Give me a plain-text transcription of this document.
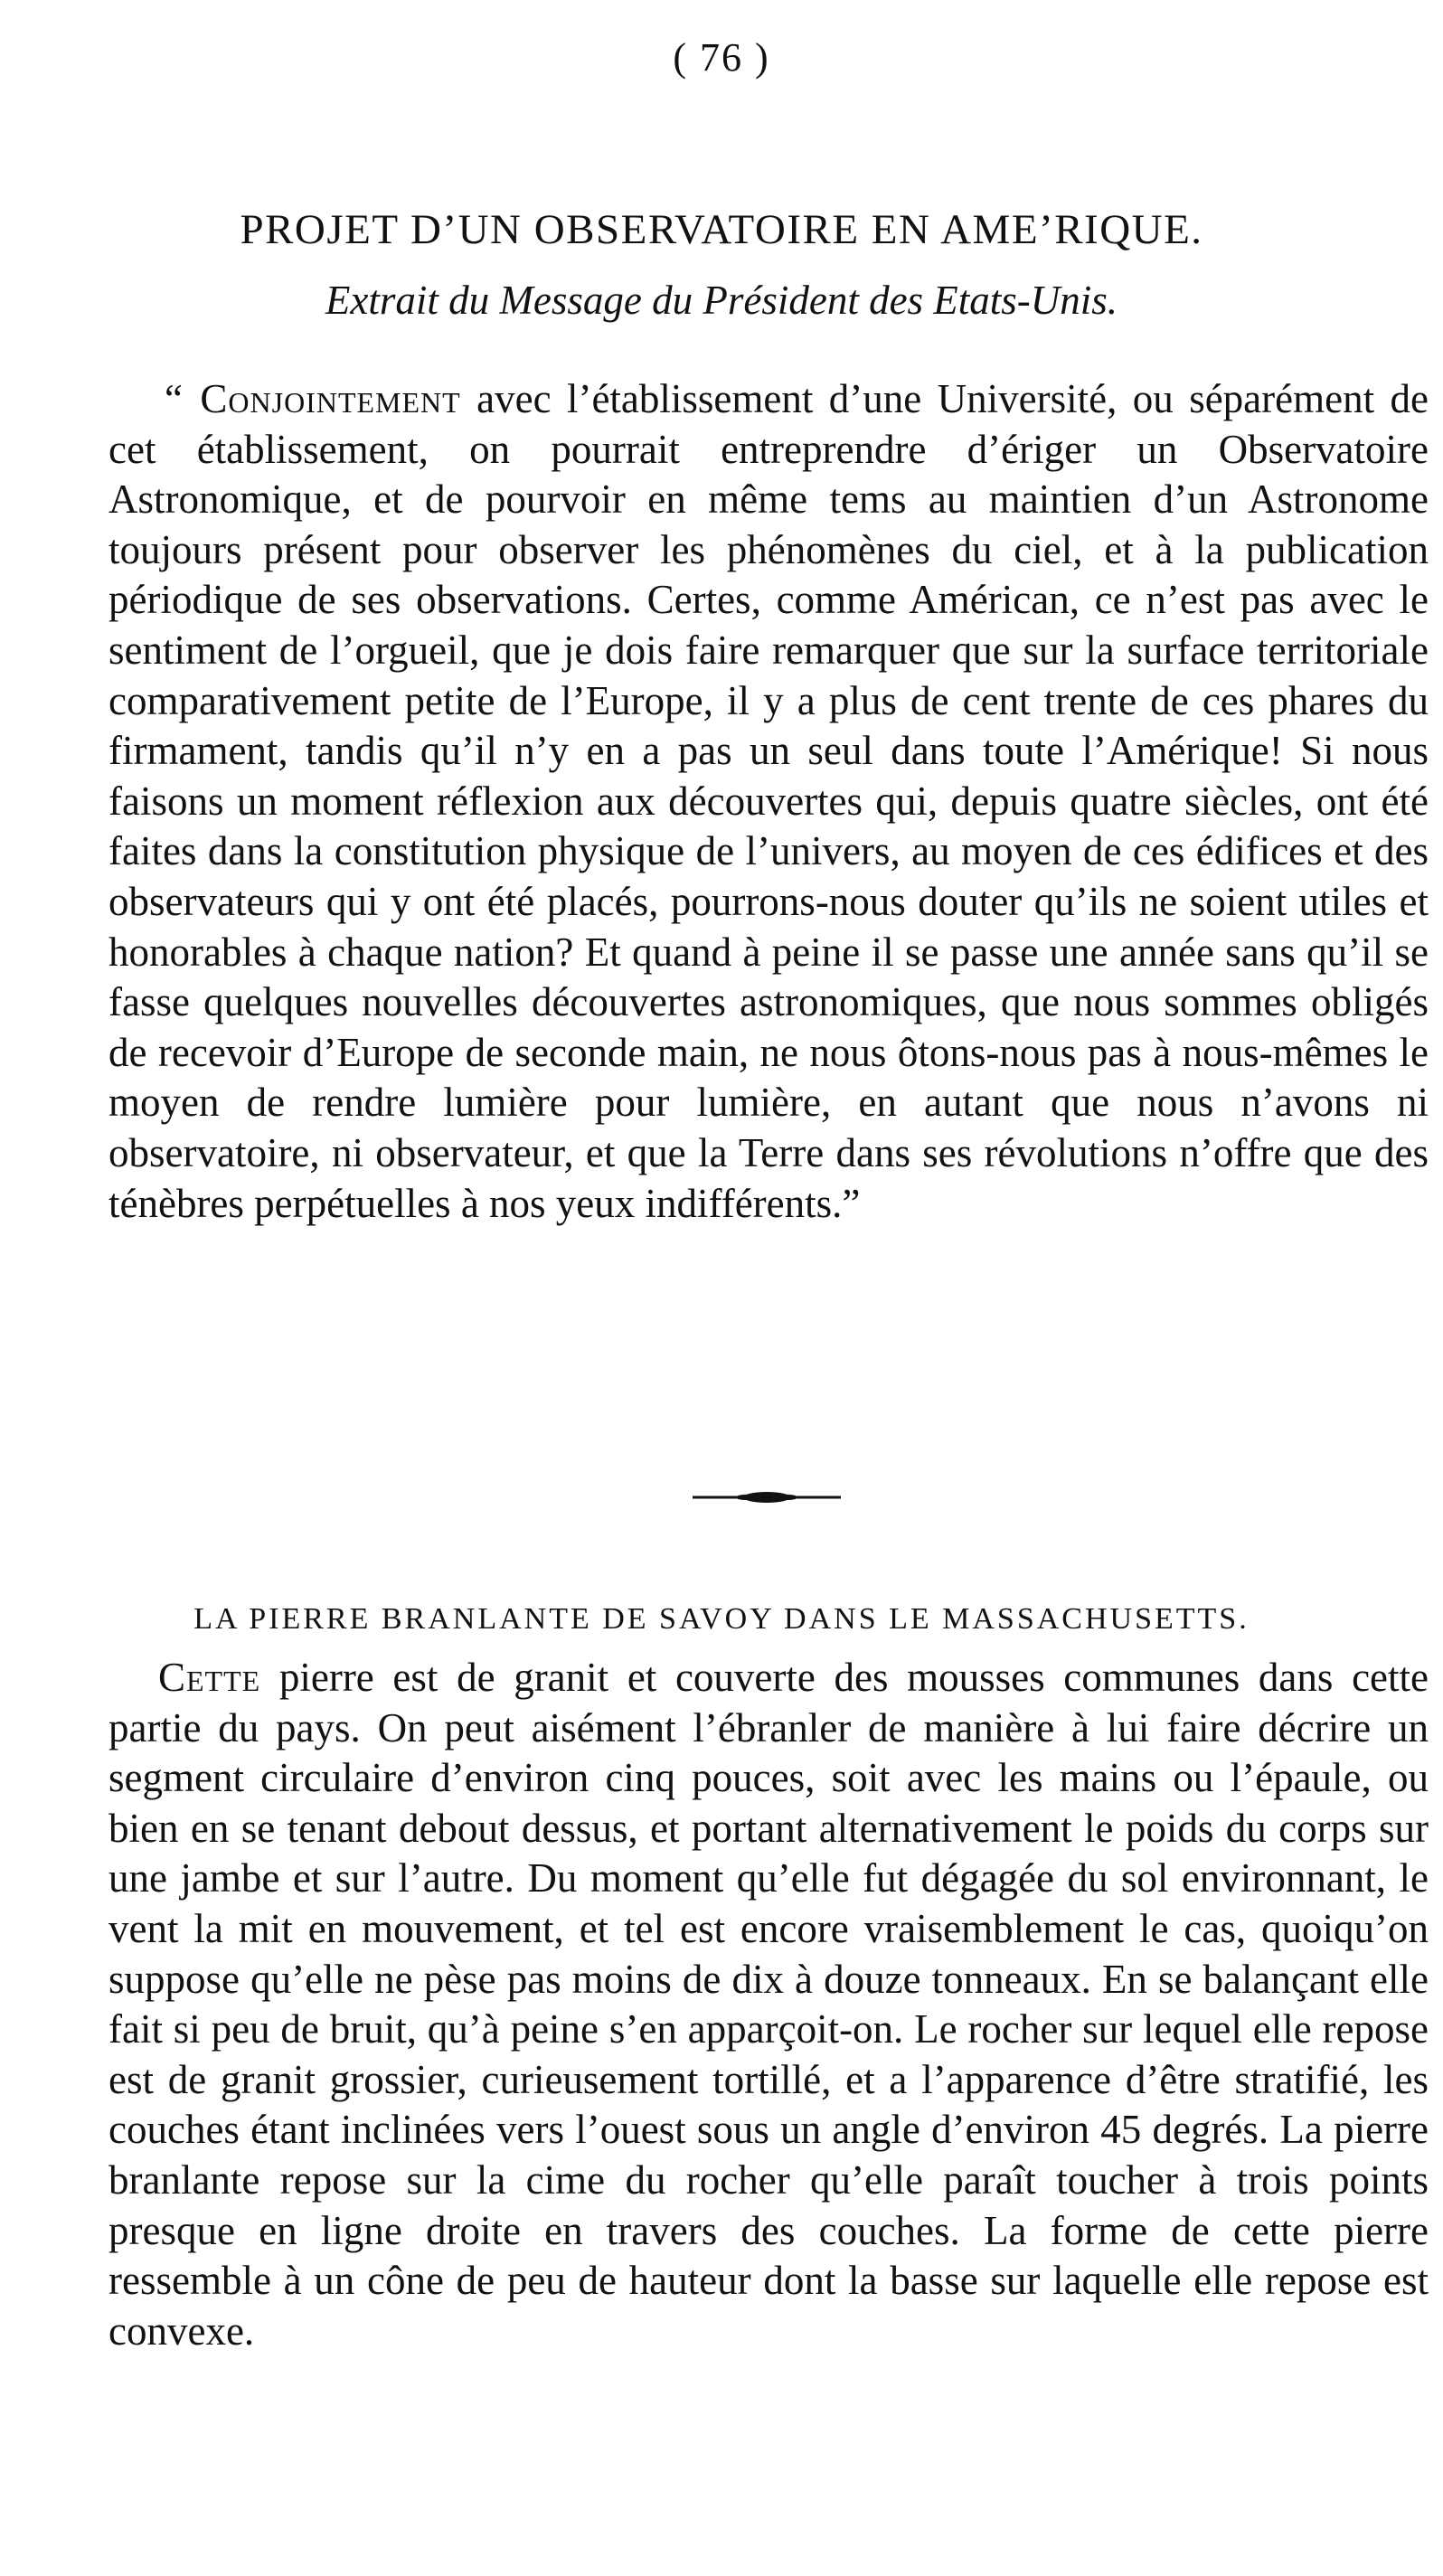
( 76 )
PROJET D’UN OBSERVATOIRE EN AME’RIQUE.
Extrait du Message du Président des Etats-Unis.

“ Conjointement avec l’établissement d’une Université, ou séparément de cet établissement, on pourrait entreprendre d’ériger un Observatoire Astronomique, et de pourvoir en même tems au maintien d’un Astronome toujours présent pour observer les phénomènes du ciel, et à la publication périodique de ses observations. Certes, comme Américan, ce n’est pas avec le sentiment de l’orgueil, que je dois faire remarquer que sur la surface territoriale comparativement petite de l’Europe, il y a plus de cent trente de ces phares du firmament, tandis qu’il n’y en a pas un seul dans toute l’Amérique! Si nous faisons un moment réflexion aux découvertes qui, depuis quatre siècles, ont été faites dans la constitution physique de l’univers, au moyen de ces édifices et des observateurs qui y ont été placés, pourrons-nous douter qu’ils ne soient utiles et honorables à chaque nation? Et quand à peine il se passe une année sans qu’il se fasse quelques nouvelles découvertes astronomiques, que nous sommes obligés de recevoir d’Europe de seconde main, ne nous ôtons-nous pas à nous-mêmes le moyen de rendre lumière pour lumière, en autant que nous n’avons ni observatoire, ni observateur, et que la Terre dans ses révolutions n’offre que des ténèbres perpétuelles à nos yeux indifférents.”

LA PIERRE BRANLANTE DE SAVOY DANS LE MASSACHUSETTS.

Cette pierre est de granit et couverte des mousses communes dans cette partie du pays. On peut aisément l’ébranler de manière à lui faire décrire un segment circulaire d’environ cinq pouces, soit avec les mains ou l’épaule, ou bien en se tenant debout dessus, et portant alternativement le poids du corps sur une jambe et sur l’autre. Du moment qu’elle fut dégagée du sol environnant, le vent la mit en mouvement, et tel est encore vraisemblement le cas, quoiqu’on suppose qu’elle ne pèse pas moins de dix à douze tonneaux. En se balançant elle fait si peu de bruit, qu’à peine s’en apparçoit-on. Le rocher sur lequel elle repose est de granit grossier, curieusement tortillé, et a l’apparence d’être stratifié, les couches étant inclinées vers l’ouest sous un angle d’environ 45 degrés. La pierre branlante repose sur la cime du rocher qu’elle paraît toucher à trois points presque en ligne droite en travers des couches. La forme de cette pierre ressemble à un cône de peu de hauteur dont la basse sur laquelle elle repose est convexe.
